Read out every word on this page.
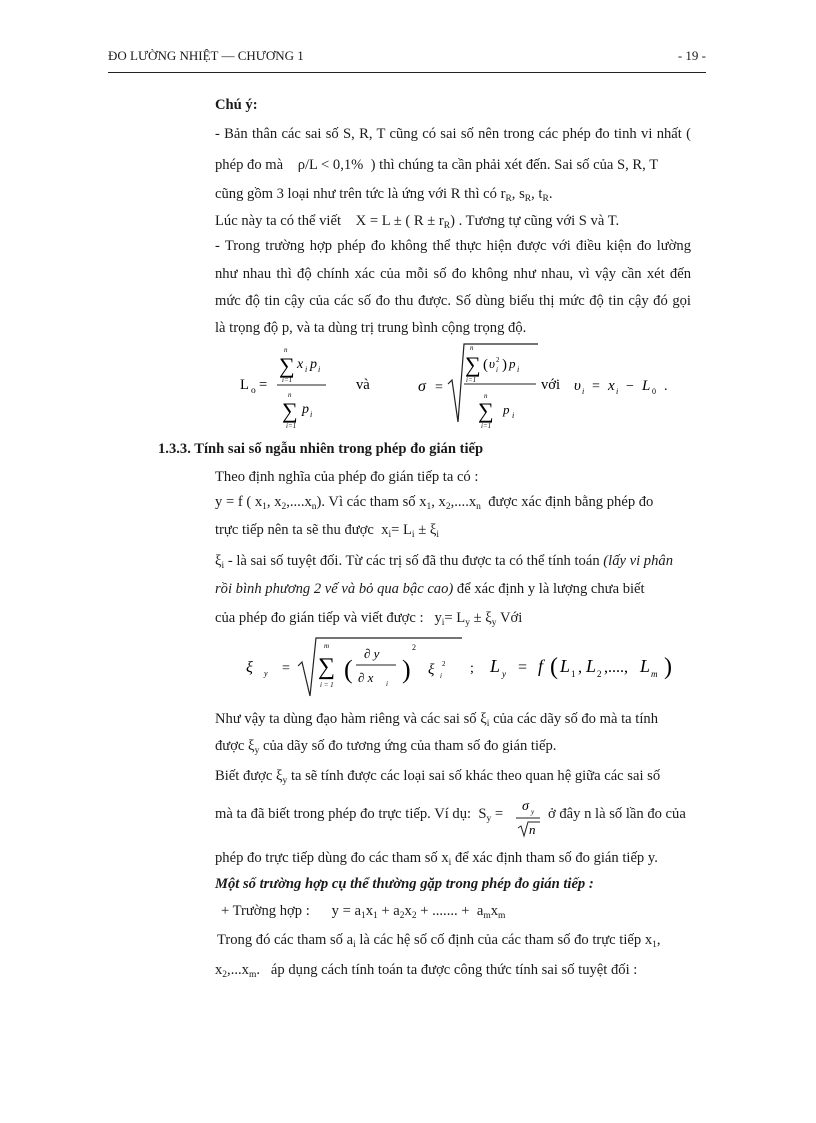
ĐO LƯỜNG NHIỆT — CHƯƠNG 1	- 19 -
Chú ý:
- Bản thân các sai số S, R, T cũng có sai số nên trong các phép đo tinh vi nhất (
phép đo mà ρ/L < 0,1% ) thì chúng ta cần phải xét đến. Sai số của S, R, T
cũng gồm 3 loại như trên tức là ứng với R thì có $r_R$, $s_R$, $t_R$.
Lúc này ta có thể viết X = L ± ( $R \pm r_R$) . Tương tự cũng với S và T.
- Trong trường hợp phép đo không thể thực hiện được với điều kiện đo lường
như nhau thì độ chính xác của mỗi số đo không như nhau, vì vậy cần xét đến
mức độ tin cậy của các số đo thu được. Số dùng biểu thị mức độ tin cậy đó gọi
là trọng độ p, và ta dùng trị trung bình cộng trọng độ.
L o =
n
∑ x i p i
i=1
n
∑ p i
i=1
và	σ =
n
∑ ( υ 2
i ) p i
i=1
n
∑ p i
i=1
với υ i = x i − L 0 .
1.3.3. Tính sai số ngẫu nhiên trong phép đo gián tiếp
Theo định nghĩa của phép đo gián tiếp ta có :
y = f ( $x_1$, $x_2,....x_n$). Vì các tham số $x_1$, $x_2,....x_n$ được xác định bằng phép đo
trực tiếp nên ta sẽ thu được $x_i= L_i \pm \xi_i$
$\xi_i$ - là sai số tuyệt đối. Từ các trị số đã thu được ta có thể tính toán (lấy vi phân
rồi bình phương 2 vế và bỏ qua bậc cao) để xác định y là lượng chưa biết
của phép đo gián tiếp và viết được : $y_i= L_y \pm \xi_y$ Với
ξ y =
m
∑
i = 1
(
∂ y
∂ x i )
2
ξ i
2 ; L y = f ( L 1 , L 2 ,...., L m )
Như vậy ta dùng đạo hàm riêng và các sai số $\xi_i$ của các dãy số đo mà ta tính
được $\xi_y$ của dãy số đo tương ứng của tham số đo gián tiếp.
Biết được $\xi_y$ ta sẽ tính được các loại sai số khác theo quan hệ giữa các sai số
mà ta đã biết trong phép đo trực tiếp. Ví dụ: $S_y = \sigma$ y
n
ở đây n là số lần đo của
phép đo trực tiếp dùng đo các tham số $x_i$ để xác định tham số đo gián tiếp y.
Một số trường hợp cụ thể thường gặp trong phép đo gián tiếp :
+ Trường hợp : $y = a_1x_1 + a_2x_2$ + ....... +  $a_mx_m$
Trong đó các tham số $a_i$ là các hệ số cố định của các tham số đo trực tiếp $x_1$,
$x_2,...x_m$.   áp dụng cách tính toán ta được công thức tính sai số tuyệt đối :
